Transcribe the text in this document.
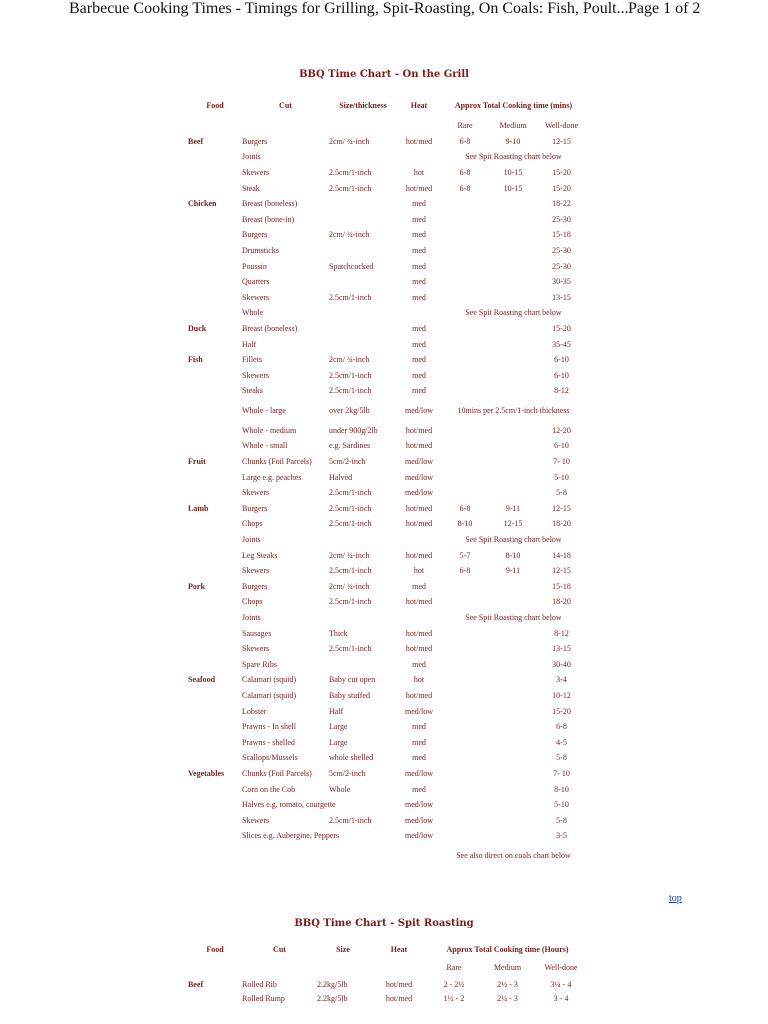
Barbecue Cooking Times - Timings for Grilling, Spit-Roasting, On Coals: Fish, Poult... Page 1 of 2
BBQ Time Chart - On the Grill
Food	Cut	Size/thickness	Heat	Approx Total Cooking time (mins)		
				Rare	Medium	Well-done
Beef	Burgers	2cm/ ¾-inch	hot/med	6-8	9-10	12-15
	Joints			See Spit Roasting chart below		
	Skewers	2.5cm/1-inch	hot	6-8	10-15	15-20
	Steak	2.5cm/1-inch	hot/med	6-8	10-15	15-20
Chicken	Breast (boneless)		med			18-22
	Breast (bone-in)		med			25-30
	Burgers	2cm/ ¾-inch	med			15-18
	Drumsticks		med			25-30
	Poussin	Spatchcocked	med			25-30
	Quarters		med			30-35
	Skewers	2.5cm/1-inch	med			13-15
	Whole			See Spit Roasting chart below		
Duck	Breast (boneless)		med			15-20
	Half		med			35-45
Fish	Fillets	2cm/ ¾-inch	med			6-10
	Skewers	2.5cm/1-inch	med			6-10
	Steaks	2.5cm/1-inch	med			8-12
	Whole - large	over 2kg/5lb	med/low	10mins per 2.5cm/1-inch thickness		
	Whole - medium	under 900g/2lb	hot/med			12-20
	Whole - small	e.g. Sardines	hot/med			6-10
Fruit	Chunks (Foil Parcels)	5cm/2-inch	med/low			7- 10
	Large e.g. peaches	Halved	med/low			5-10
	Skewers	2.5cm/1-inch	med/low			5-8
Lamb	Burgers	2.5cm/1-inch	hot/med	6-8	9-11	12-15
	Chops	2.5cm/1-inch	hot/med	8-10	12-15	18-20
	Joints			See Spit Roasting chart below		
	Leg Steaks	2cm/ ¾-inch	hot/med	5-7	8-10	14-18
	Skewers	2.5cm/1-inch	hot	6-8	9-11	12-15
Pork	Burgers	2cm/ ¾-inch	med			15-18
	Chops	2.5cm/1-inch	hot/med			18-20
	Joints			See Spit Roasting chart below		
	Sausages	Thick	hot/med			8-12
	Skewers	2.5cm/1-inch	hot/med			13-15
	Spare Ribs		med			30-40
Seafood	Calamari (squid)	Baby cut open	hot			3-4
	Calamari (squid)	Baby stuffed	hot/med			10-12
	Lobster	Half	med/low			15-20
	Prawns - In shell	Large	med			6-8
	Prawns - shelled	Large	med			4-5
	Scallops/Mussels	whole shelled	med			5-8
Vegetables	Chunks (Foil Parcels)	5cm/2-inch	med/low			7- 10
	Corn on the Cob	Whole	med			8-10
	Halves e.g. tomato, courgette		med/low			5-10
	Skewers	2.5cm/1-inch	med/low			5-8
	Slices e.g. Aubergine, Peppers		med/low			3-5
				See also direct on coals chart below		
top
BBQ Time Chart - Spit Roasting
Food	Cut	Size	Heat	Approx Total Cooking time (Hours)		
				Rare	Medium	Well-done
Beef	Rolled Rib	2.2kg/5lb	hot/med	2 - 2½	2½ - 3	3¼ - 4
	Rolled Rump	2.2kg/5lb	hot/med	1½ - 2	2¼ - 3	3 - 4
